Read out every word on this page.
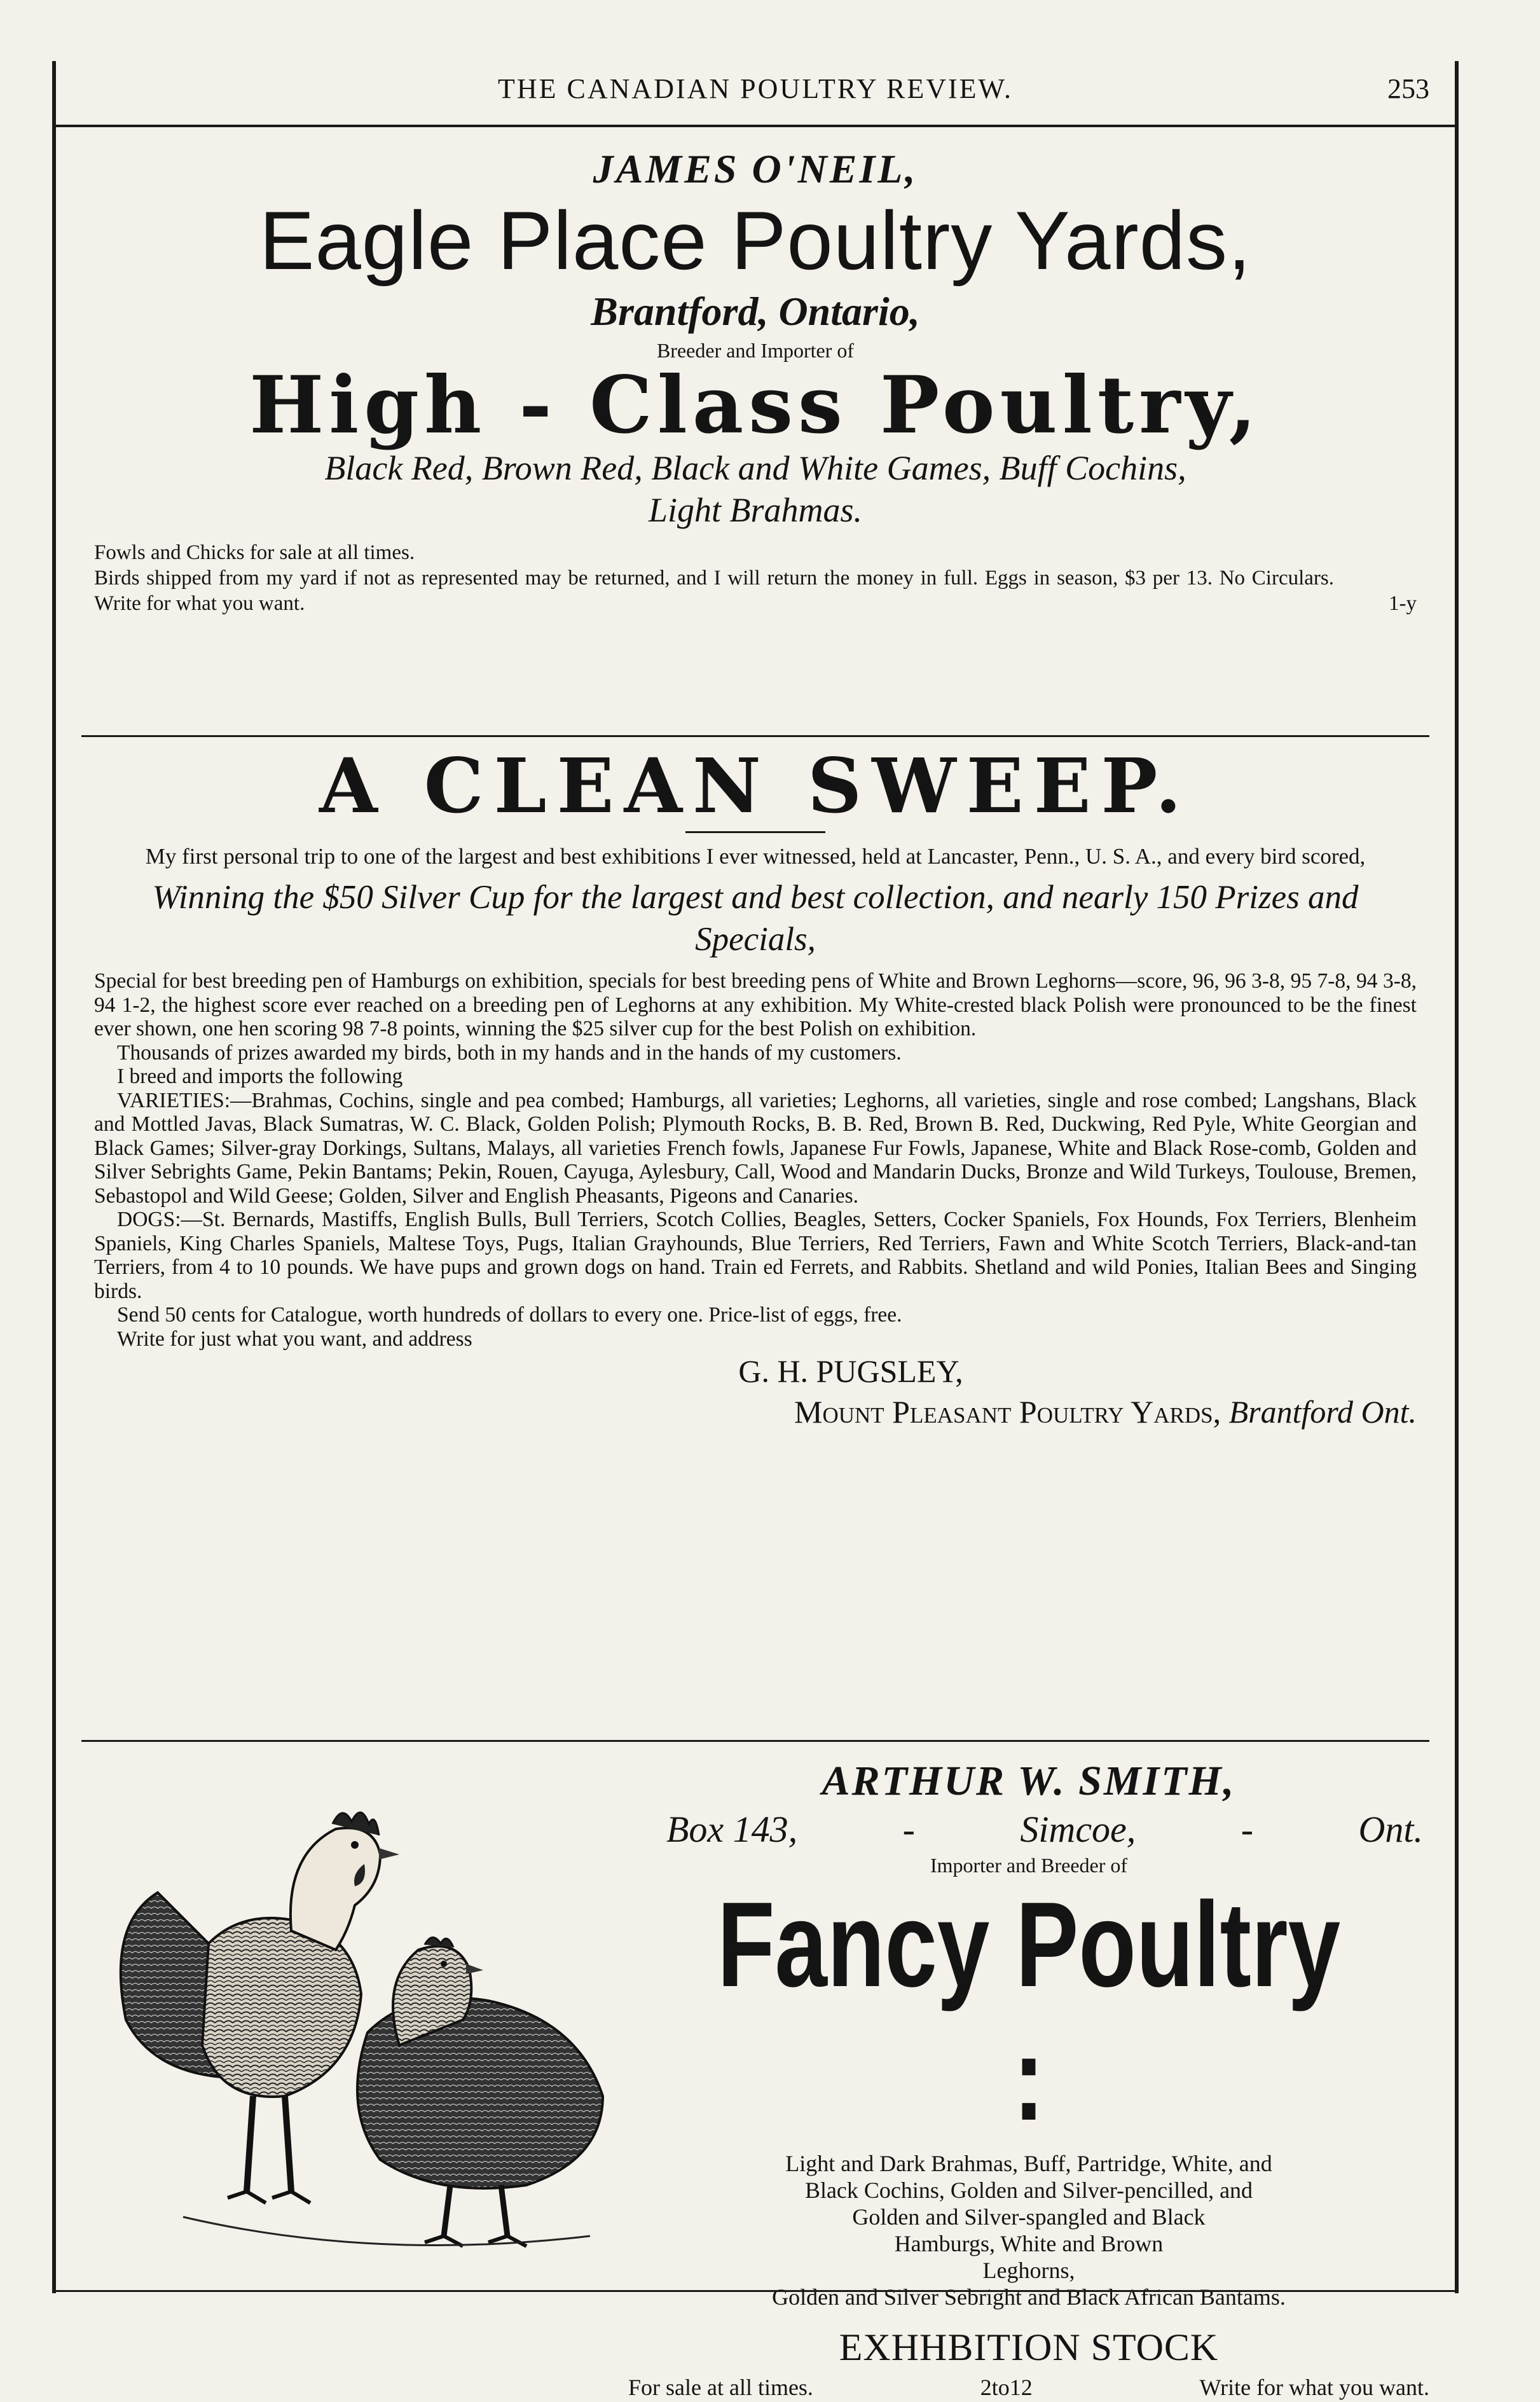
THE CANADIAN POULTRY REVIEW.	253
JAMES O'NEIL,
Eagle Place Poultry Yards,
Brantford, Ontario,
Breeder and Importer of
High - Class Poultry,
Black Red, Brown Red, Black and White Games, Buff Cochins,
Light Brahmas.

Fowls and Chicks for sale at all times.

Birds shipped from my yard if not as represented may be returned, and I will return the money in full. Eggs in season, $3 per 13. No Circulars. Write for what you want.	1-y
A CLEAN SWEEP.

My first personal trip to one of the largest and best exhibitions I ever witnessed, held at Lancaster, Penn., U. S. A., and every bird scored,

Winning the $50 Silver Cup for the largest and best collection, and nearly 150 Prizes and Specials,

Special for best breeding pen of Hamburgs on exhibition, specials for best breeding pens of White and Brown Leghorns—score, 96, 96 3-8, 95 7-8, 94 3-8, 94 1-2, the highest score ever reached on a breeding pen of Leghorns at any exhibition. My White-crested black Polish were pronounced to be the finest ever shown, one hen scoring 98 7-8 points, winning the $25 silver cup for the best Polish on exhibition.

Thousands of prizes awarded my birds, both in my hands and in the hands of my customers.

I breed and imports the following

VARIETIES:—Brahmas, Cochins, single and pea combed; Hamburgs, all varieties; Leghorns, all varieties, single and rose combed; Langshans, Black and Mottled Javas, Black Sumatras, W. C. Black, Golden Polish; Plymouth Rocks, B. B. Red, Brown B. Red, Duckwing, Red Pyle, White Georgian and Black Games; Silver-gray Dorkings, Sultans, Malays, all varieties French fowls, Japanese Fur Fowls, Japanese, White and Black Rose-comb, Golden and Silver Sebrights Game, Pekin Bantams; Pekin, Rouen, Cayuga, Aylesbury, Call, Wood and Mandarin Ducks, Bronze and Wild Turkeys, Toulouse, Bremen, Sebastopol and Wild Geese; Golden, Silver and English Pheasants, Pigeons and Canaries.

DOGS:—St. Bernards, Mastiffs, English Bulls, Bull Terriers, Scotch Collies, Beagles, Setters, Cocker Spaniels, Fox Hounds, Fox Terriers, Blenheim Spaniels, King Charles Spaniels, Maltese Toys, Pugs, Italian Grayhounds, Blue Terriers, Red Terriers, Fawn and White Scotch Terriers, Black-and-tan Terriers, from 4 to 10 pounds. We have pups and grown dogs on hand. Train ed Ferrets, and Rabbits. Shetland and wild Ponies, Italian Bees and Singing birds.

Send 50 cents for Catalogue, worth hundreds of dollars to every one. Price-list of eggs, free.

Write for just what you want, and address

G. H. PUGSLEY,
Mount Pleasant Poultry Yards, Brantford Ont.
ARTHUR W. SMITH,
Box 143,	-	Simcoe,	-	Ont.
Importer and Breeder of
Fancy Poultry :
Light and Dark Brahmas, Buff, Partridge, White, and
Black Cochins, Golden and Silver-pencilled, and
Golden and Silver-spangled and Black
Hamburgs, White and Brown
Leghorns,
Golden and Silver Sebright and Black African Bantams.
EXHHBITION STOCK
For sale at all times.	2to12	Write for what you want.
